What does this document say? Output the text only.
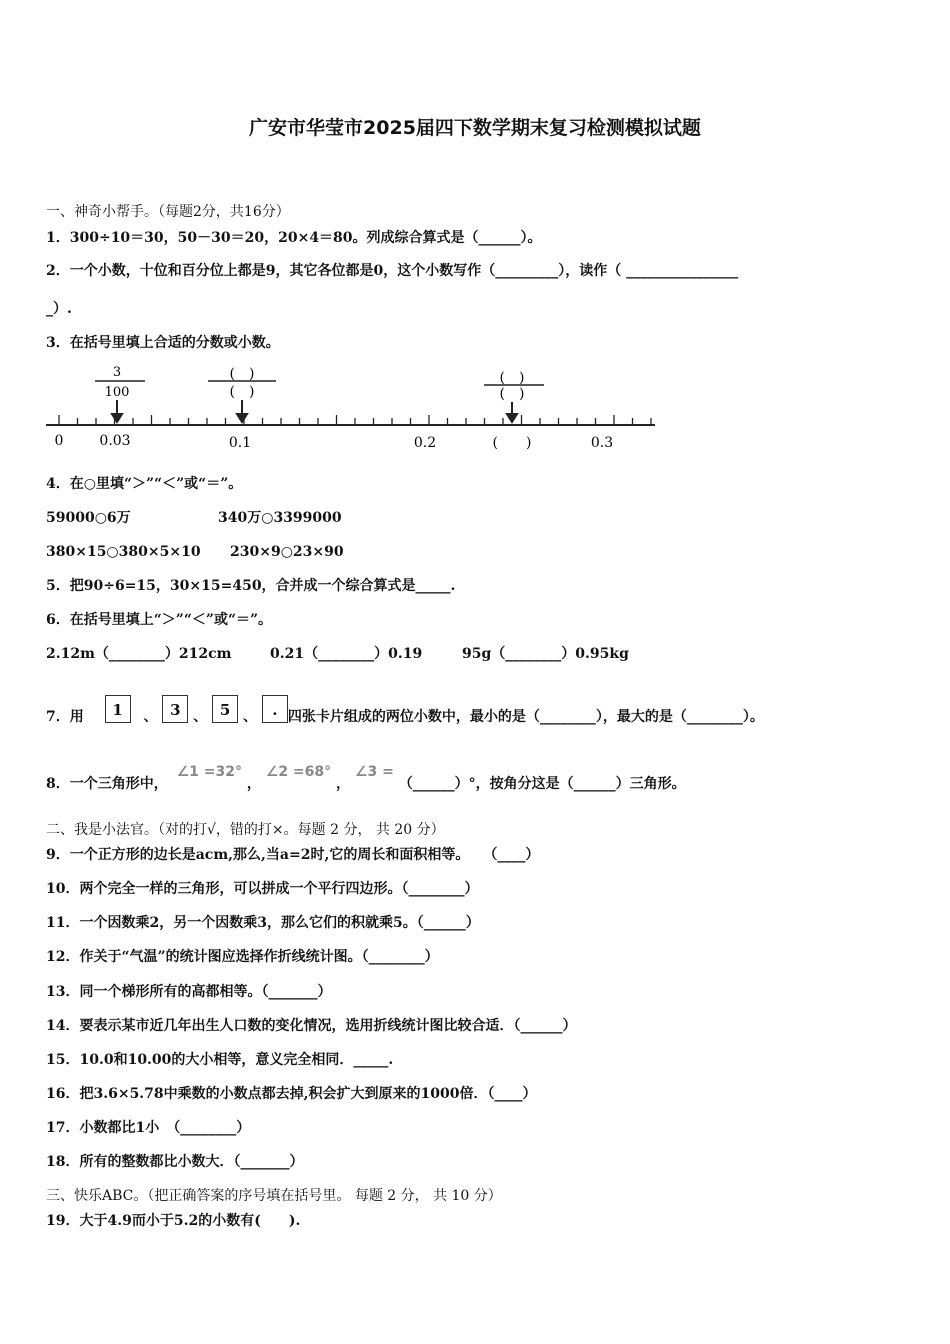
广安市华莹市2025届四下数学期末复习检测模拟试题
一、神奇小帮手。（每题2分，共16分）
1．300÷10＝30，50－30＝20，20×4＝80。列成综合算式是（______）。
2．一个小数，十位和百分位上都是9，其它各位都是0，这个小数写作（_________），读作（ ________________
_）.
3．在括号里填上合适的分数或小数。
3
100
(　)
(　)
(　)
(　)
0	0.03	0.1	0.2	(　　)	0.3
4．在○里填“＞”“＜”或“＝”。
59000○6万	340万○3399000
380×15○380×5×10 230×9○23×90
5．把90÷6=15，30×15=450，合并成一个综合算式是_____.
6．在括号里填上“＞”“＜”或“＝”。
2.12m（________）212cm	0.21（________）0.19	95g（________）0.95kg
7．用 1 、 3 、 5 、 . 四张卡片组成的两位小数中，最小的是（________），最大的是（________）。
8．一个三角形中， ∠1 =32° ， ∠2 =68° ， ∠3 = （______）°，按角分这是（______）三角形。
二、我是小法官。（对的打√，错的打×。每题 2 分， 共 20 分）
9．一个正方形的边长是acm,那么,当a=2时,它的周长和面积相等。　　（____）
10．两个完全一样的三角形，可以拼成一个平行四边形。（________）
11．一个因数乘2，另一个因数乘3，那么它们的积就乘5。（______）
12．作关于“气温”的统计图应选择作折线统计图。（________）
13．同一个梯形所有的高都相等。（_______）
14．要表示某市近几年出生人口数的变化情况，选用折线统计图比较合适．（______）
15．10.0和10.00的大小相等，意义完全相同．_____.
16．把3.6×5.78中乘数的小数点都去掉,积会扩大到原来的1000倍．（____）
17．小数都比1小　（________）
18．所有的整数都比小数大．（_______）
三、快乐ABC。（把正确答案的序号填在括号里。 每题 2 分， 共 10 分）
19．大于4.9而小于5.2的小数有(　　).
